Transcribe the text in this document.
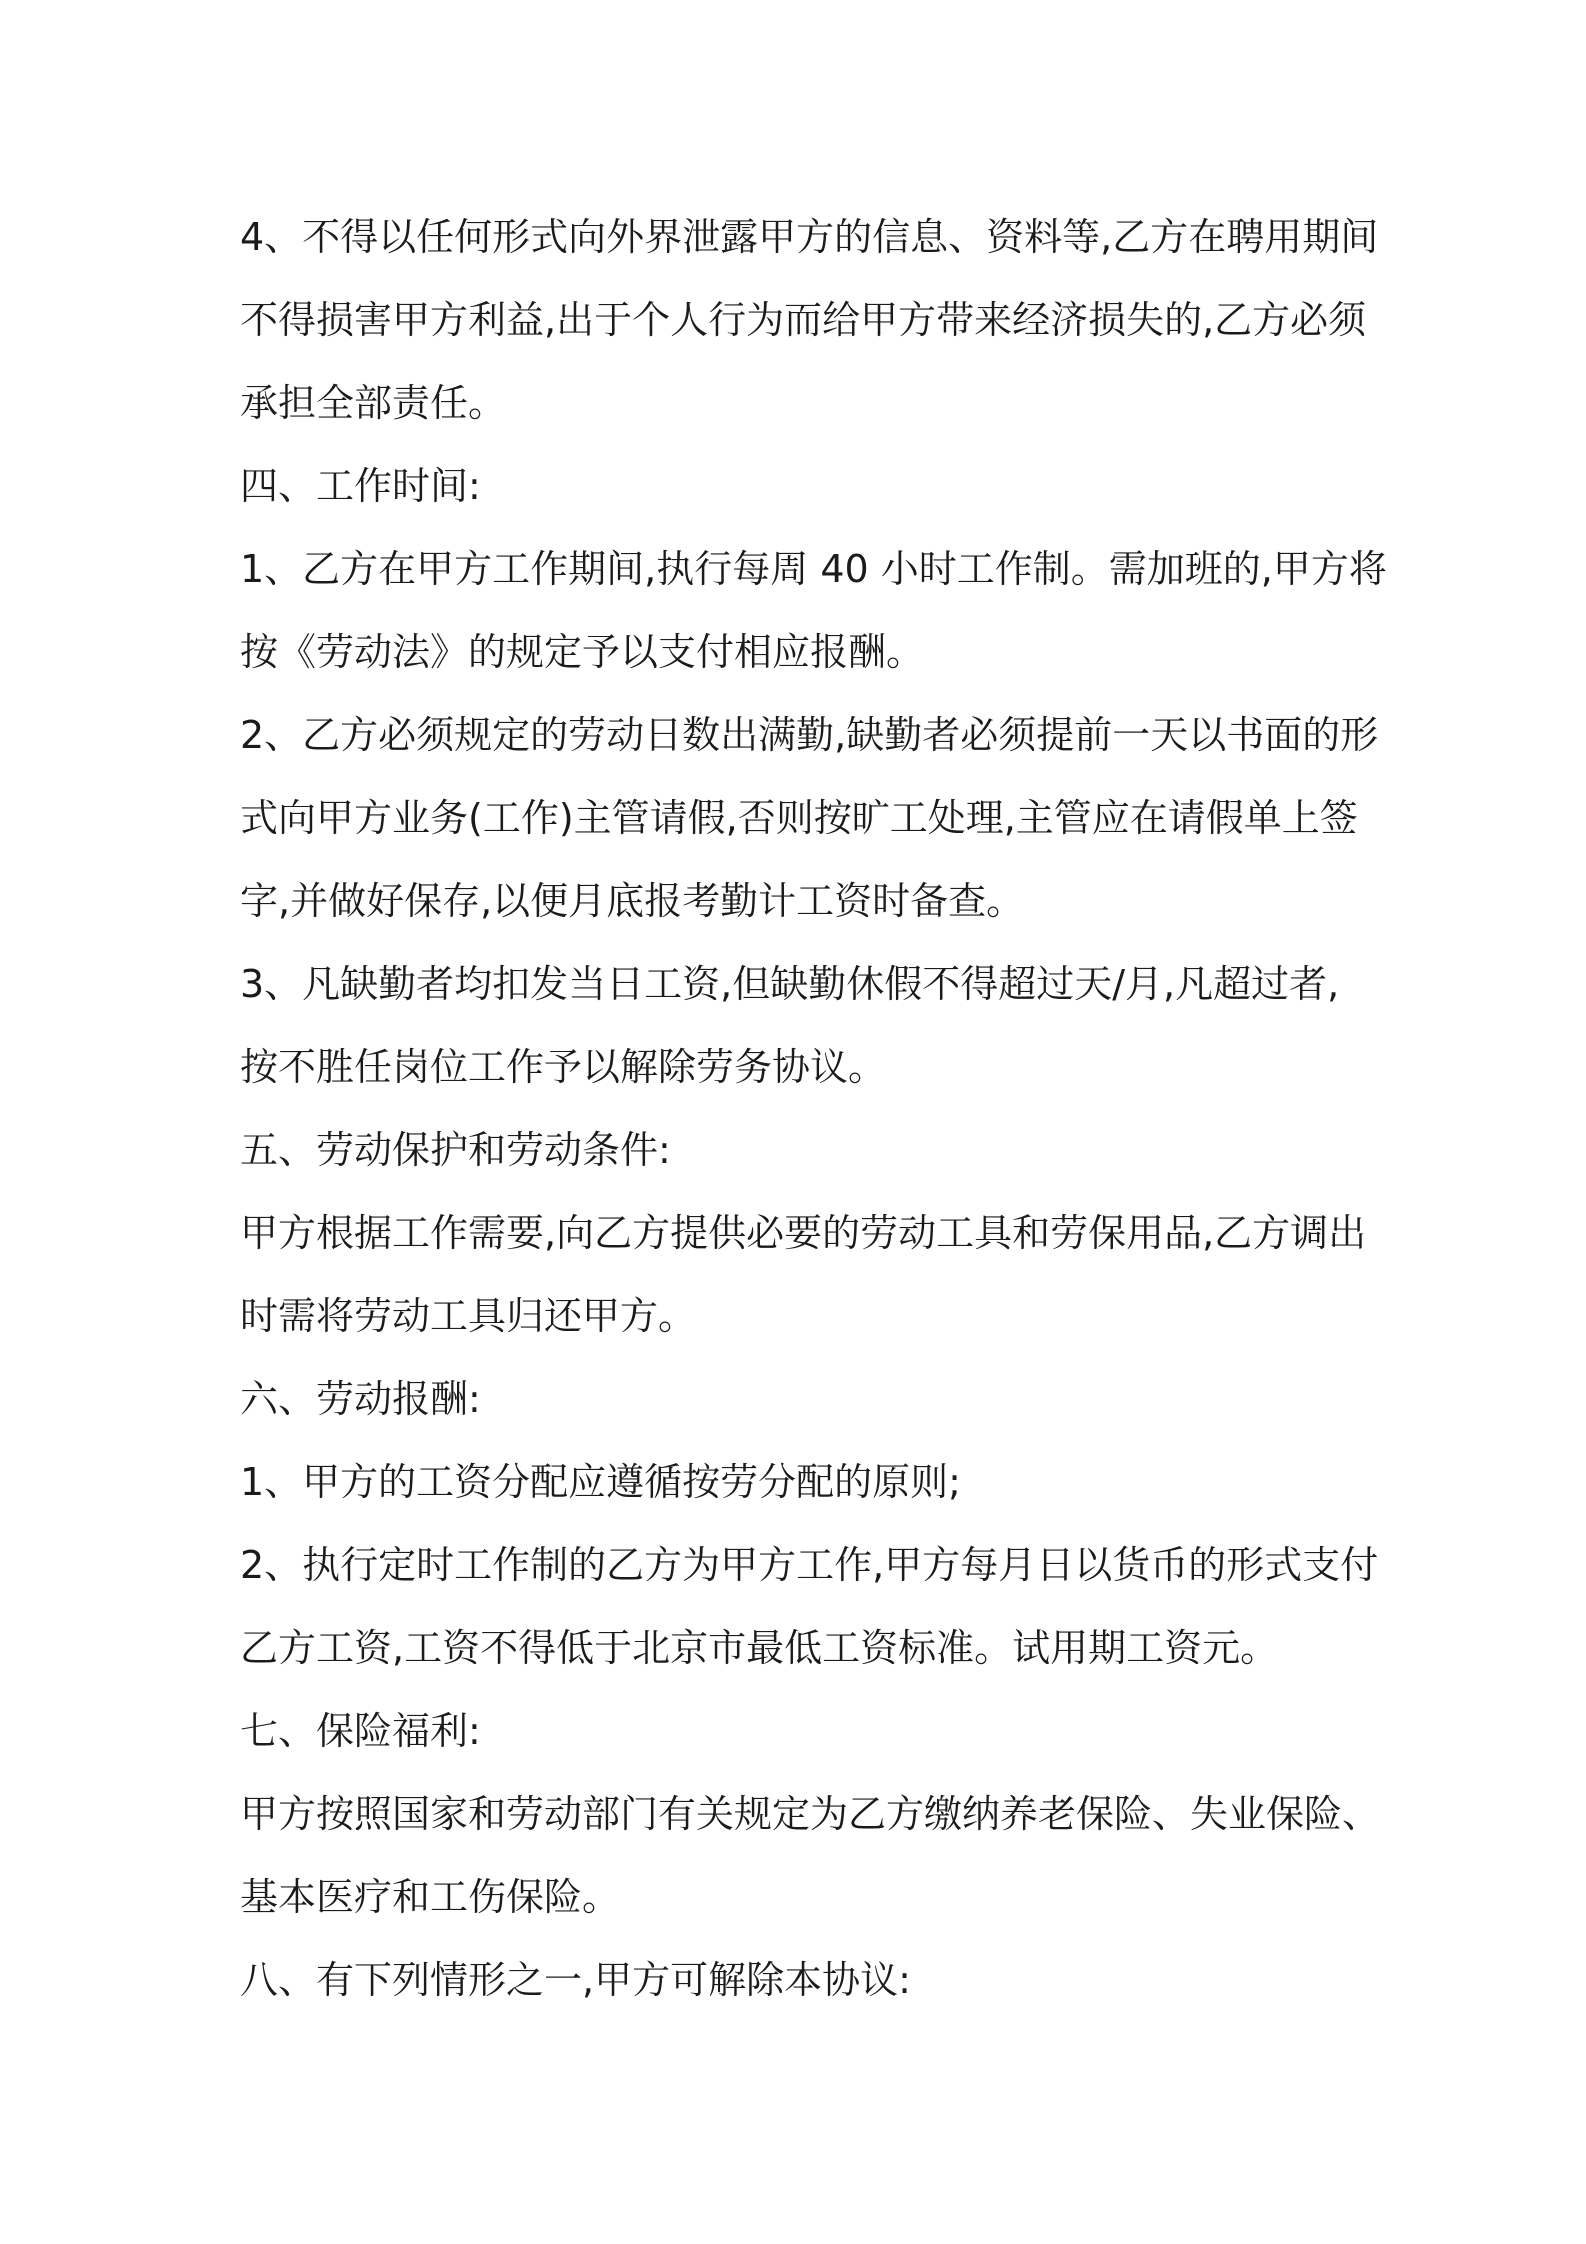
4、不得以任何形式向外界泄露甲方的信息、资料等,乙方在聘用期间
不得损害甲方利益,出于个人行为而给甲方带来经济损失的,乙方必须
承担全部责任。
四、工作时间:
1、乙方在甲方工作期间,执行每周 40 小时工作制。需加班的,甲方将
按《劳动法》的规定予以支付相应报酬。
2、乙方必须规定的劳动日数出满勤,缺勤者必须提前一天以书面的形
式向甲方业务(工作)主管请假,否则按旷工处理,主管应在请假单上签
字,并做好保存,以便月底报考勤计工资时备查。
3、凡缺勤者均扣发当日工资,但缺勤休假不得超过天/月,凡超过者,
按不胜任岗位工作予以解除劳务协议。
五、劳动保护和劳动条件:
甲方根据工作需要,向乙方提供必要的劳动工具和劳保用品,乙方调出
时需将劳动工具归还甲方。
六、劳动报酬:
1、甲方的工资分配应遵循按劳分配的原则;
2、执行定时工作制的乙方为甲方工作,甲方每月日以货币的形式支付
乙方工资,工资不得低于北京市最低工资标准。试用期工资元。
七、保险福利:
甲方按照国家和劳动部门有关规定为乙方缴纳养老保险、失业保险、
基本医疗和工伤保险。
八、有下列情形之一,甲方可解除本协议:
